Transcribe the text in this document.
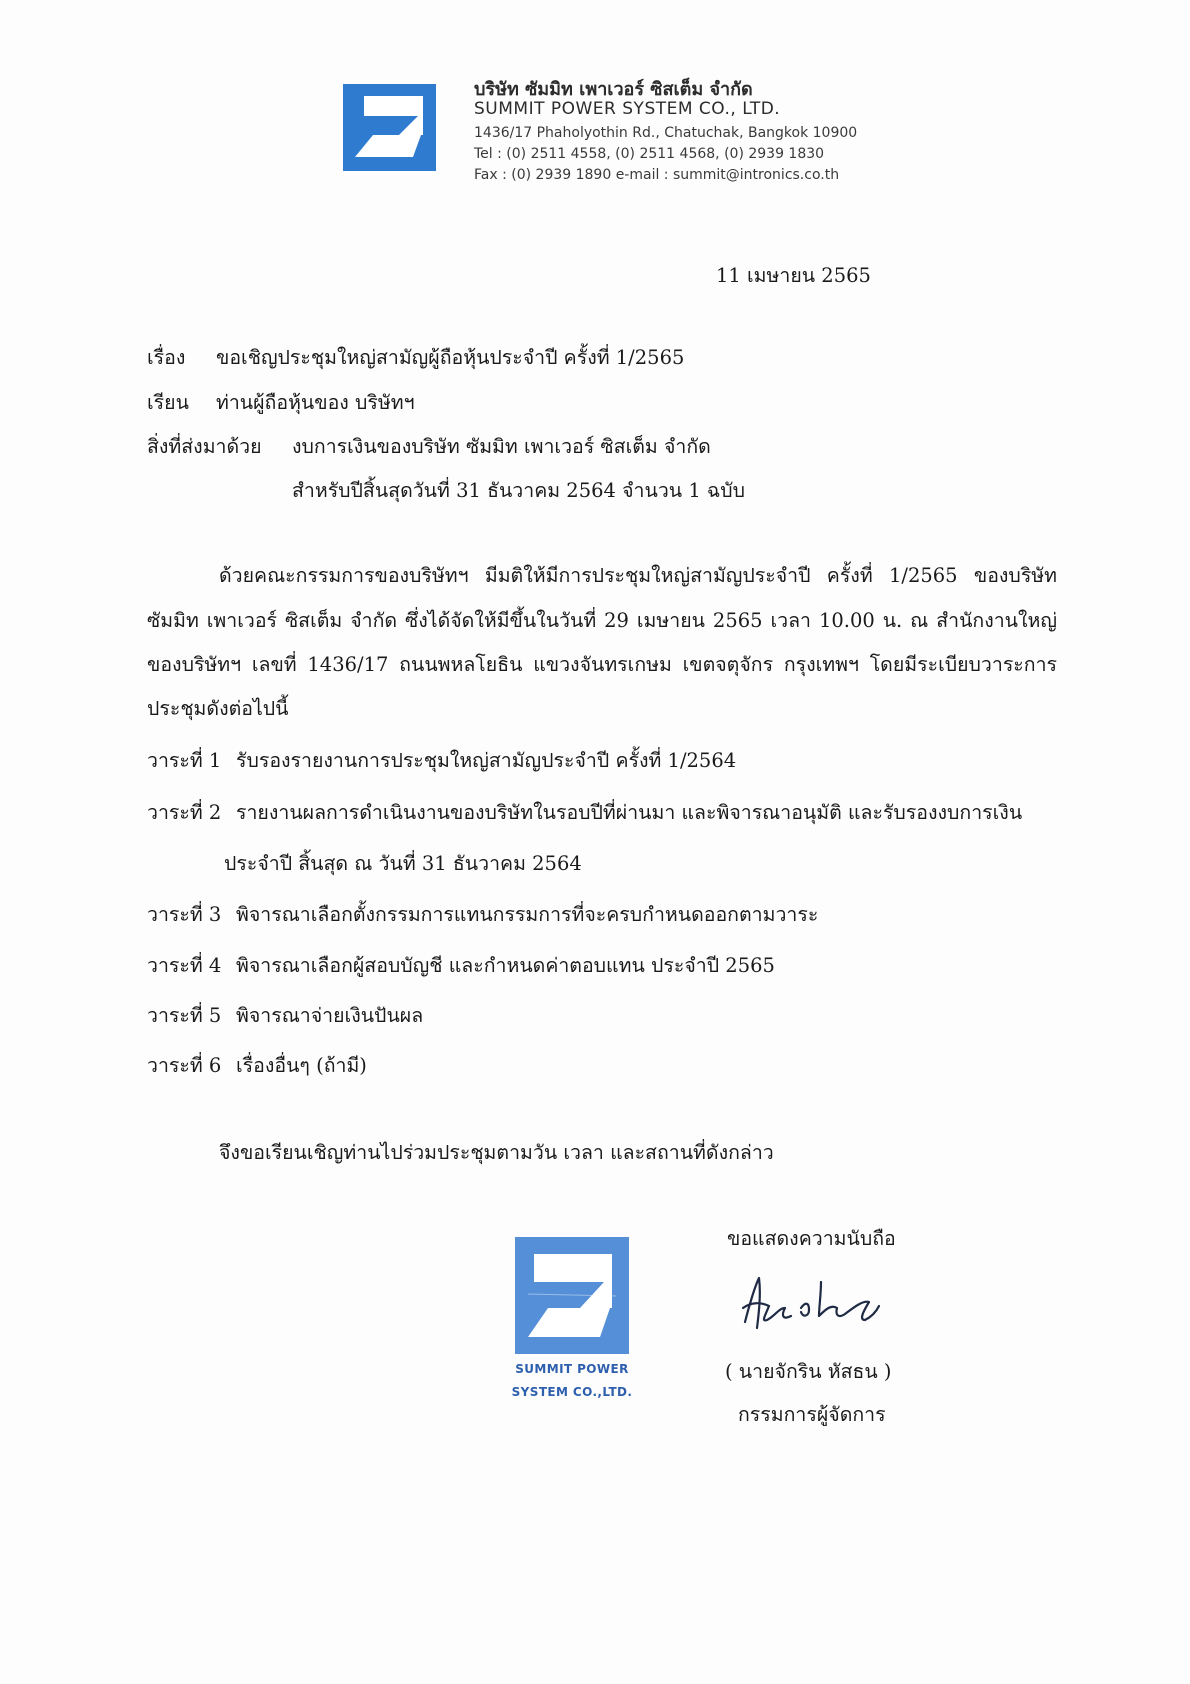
บริษัท ซัมมิท เพาเวอร์ ซิสเต็ม จำกัด
SUMMIT POWER SYSTEM CO., LTD.
1436/17 Phaholyothin Rd., Chatuchak, Bangkok 10900
Tel : (0) 2511 4558, (0) 2511 4568, (0) 2939 1830
Fax : (0) 2939 1890 e-mail : summit@intronics.co.th
11 เมษายน 2565
เรื่อง ขอเชิญประชุมใหญ่สามัญผู้ถือหุ้นประจำปี ครั้งที่ 1/2565
เรียน ท่านผู้ถือหุ้นของ บริษัทฯ
สิ่งที่ส่งมาด้วย งบการเงินของบริษัท ซัมมิท เพาเวอร์ ซิสเต็ม จำกัด
สำหรับปีสิ้นสุดวันที่ 31 ธันวาคม 2564 จำนวน 1 ฉบับ
ด้วยคณะกรรมการของบริษัทฯ มีมติให้มีการประชุมใหญ่สามัญประจำปี ครั้งที่ 1/2565 ของบริษัท
ซัมมิท เพาเวอร์ ซิสเต็ม จำกัด ซึ่งได้จัดให้มีขึ้นในวันที่ 29 เมษายน 2565 เวลา 10.00 น. ณ สำนักงานใหญ่
ของบริษัทฯ เลขที่ 1436/17 ถนนพหลโยธิน แขวงจันทรเกษม เขตจตุจักร กรุงเทพฯ โดยมีระเบียบวาระการ
ประชุมดังต่อไปนี้
วาระที่ 1 รับรองรายงานการประชุมใหญ่สามัญประจำปี ครั้งที่ 1/2564
วาระที่ 2 รายงานผลการดำเนินงานของบริษัทในรอบปีที่ผ่านมา และพิจารณาอนุมัติ และรับรองงบการเงิน
ประจำปี สิ้นสุด ณ วันที่ 31 ธันวาคม 2564
วาระที่ 3 พิจารณาเลือกตั้งกรรมการแทนกรรมการที่จะครบกำหนดออกตามวาระ
วาระที่ 4 พิจารณาเลือกผู้สอบบัญชี และกำหนดค่าตอบแทน ประจำปี 2565
วาระที่ 5 พิจารณาจ่ายเงินปันผล
วาระที่ 6 เรื่องอื่นๆ (ถ้ามี)
จึงขอเรียนเชิญท่านไปร่วมประชุมตามวัน เวลา และสถานที่ดังกล่าว
SUMMIT POWER
SYSTEM CO.,LTD.
ขอแสดงความนับถือ
( นายจักริน หัสธน )
กรรมการผู้จัดการ
